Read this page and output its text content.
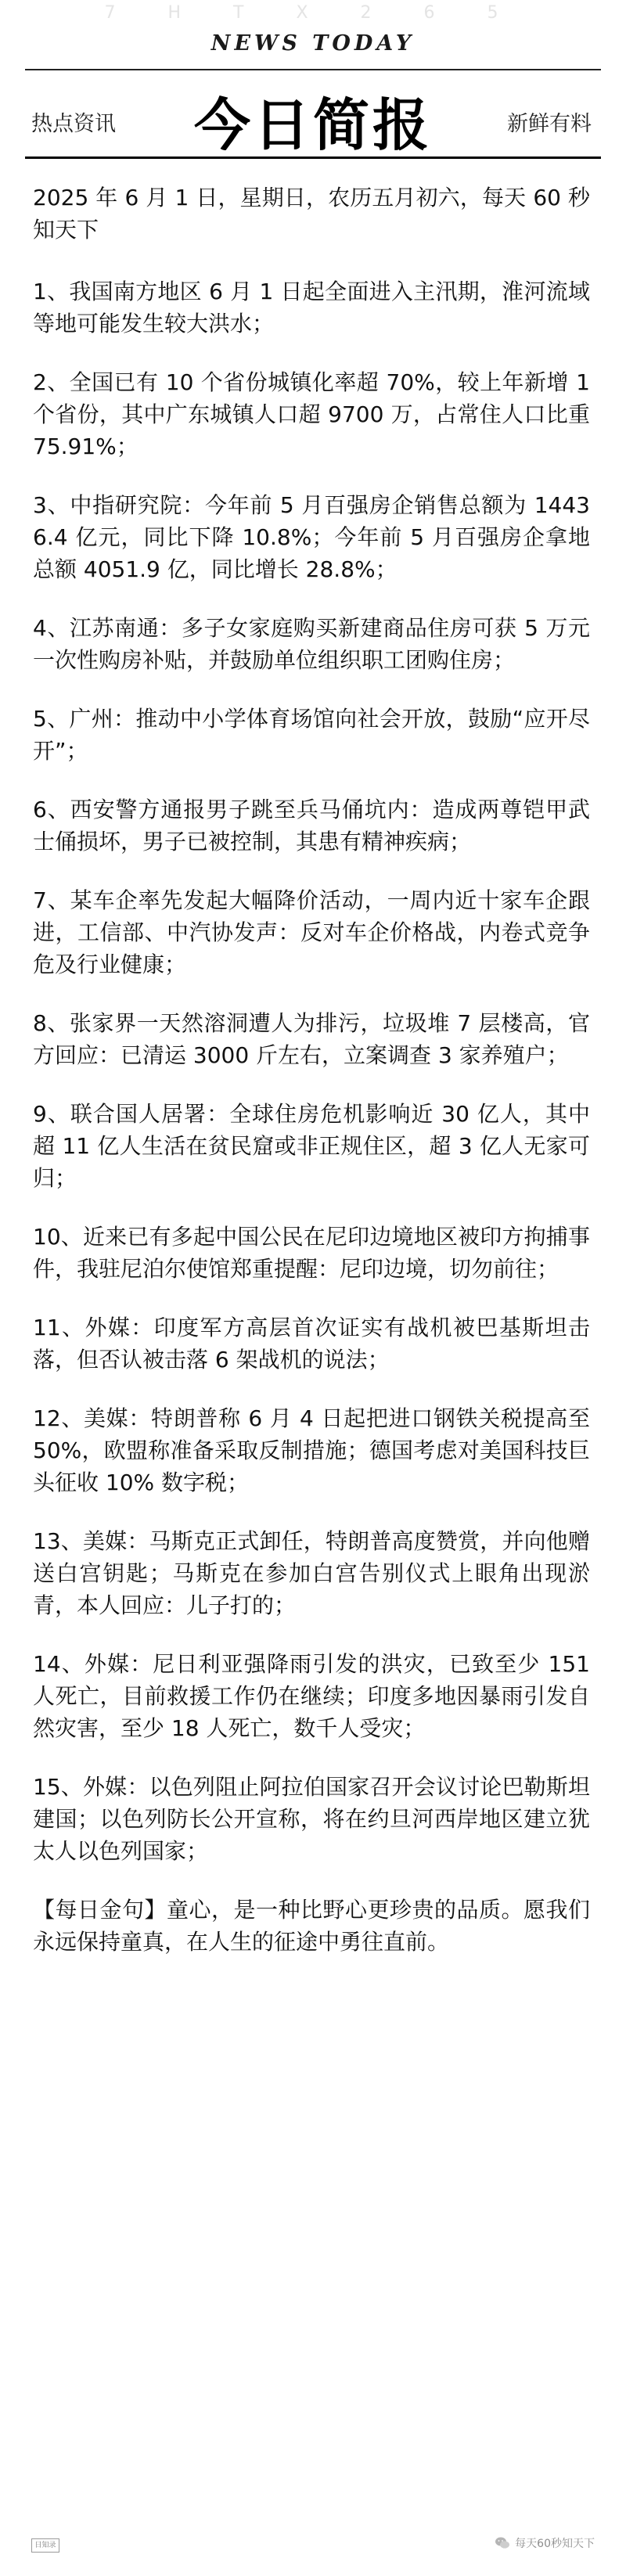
7 H T X 2 6 5
NEWS TODAY
热点资讯	今日简报	新鲜有料

2025 年 6 月 1 日，星期日，农历五月初六，每天 60 秒知天下

1、我国南方地区 6 月 1 日起全面进入主汛期，淮河流域等地可能发生较大洪水；

2、全国已有 10 个省份城镇化率超 70%，较上年新增 1 个省份，其中广东城镇人口超 9700 万，占常住人口比重 75.91%；

3、中指研究院：今年前 5 月百强房企销售总额为 14436.4 亿元，同比下降 10.8%；今年前 5 月百强房企拿地总额 4051.9 亿，同比增长 28.8%；

4、江苏南通：多子女家庭购买新建商品住房可获 5 万元一次性购房补贴，并鼓励单位组织职工团购住房；

5、广州：推动中小学体育场馆向社会开放，鼓励“应开尽开”；

6、西安警方通报男子跳至兵马俑坑内：造成两尊铠甲武士俑损坏，男子已被控制，其患有精神疾病；

7、某车企率先发起大幅降价活动，一周内近十家车企跟进，工信部、中汽协发声：反对车企价格战，内卷式竞争危及行业健康；

8、张家界一天然溶洞遭人为排污，垃圾堆 7 层楼高，官方回应：已清运 3000 斤左右，立案调查 3 家养殖户；

9、联合国人居署：全球住房危机影响近 30 亿人，其中超 11 亿人生活在贫民窟或非正规住区，超 3 亿人无家可归；

10、近来已有多起中国公民在尼印边境地区被印方拘捕事件，我驻尼泊尔使馆郑重提醒：尼印边境，切勿前往；

11、外媒：印度军方高层首次证实有战机被巴基斯坦击落，但否认被击落 6 架战机的说法；

12、美媒：特朗普称 6 月 4 日起把进口钢铁关税提高至 50%，欧盟称准备采取反制措施；德国考虑对美国科技巨头征收 10% 数字税；

13、美媒：马斯克正式卸任，特朗普高度赞赏，并向他赠送白宫钥匙；马斯克在参加白宫告别仪式上眼角出现淤青，本人回应：儿子打的；

14、外媒：尼日利亚强降雨引发的洪灾，已致至少 151 人死亡，目前救援工作仍在继续；印度多地因暴雨引发自然灾害，至少 18 人死亡，数千人受灾；

15、外媒：以色列阻止阿拉伯国家召开会议讨论巴勒斯坦建国；以色列防长公开宣称，将在约旦河西岸地区建立犹太人以色列国家；

【每日金句】童心，是一种比野心更珍贵的品质。愿我们永远保持童真，在人生的征途中勇往直前。

日知录	每天60秒知天下
